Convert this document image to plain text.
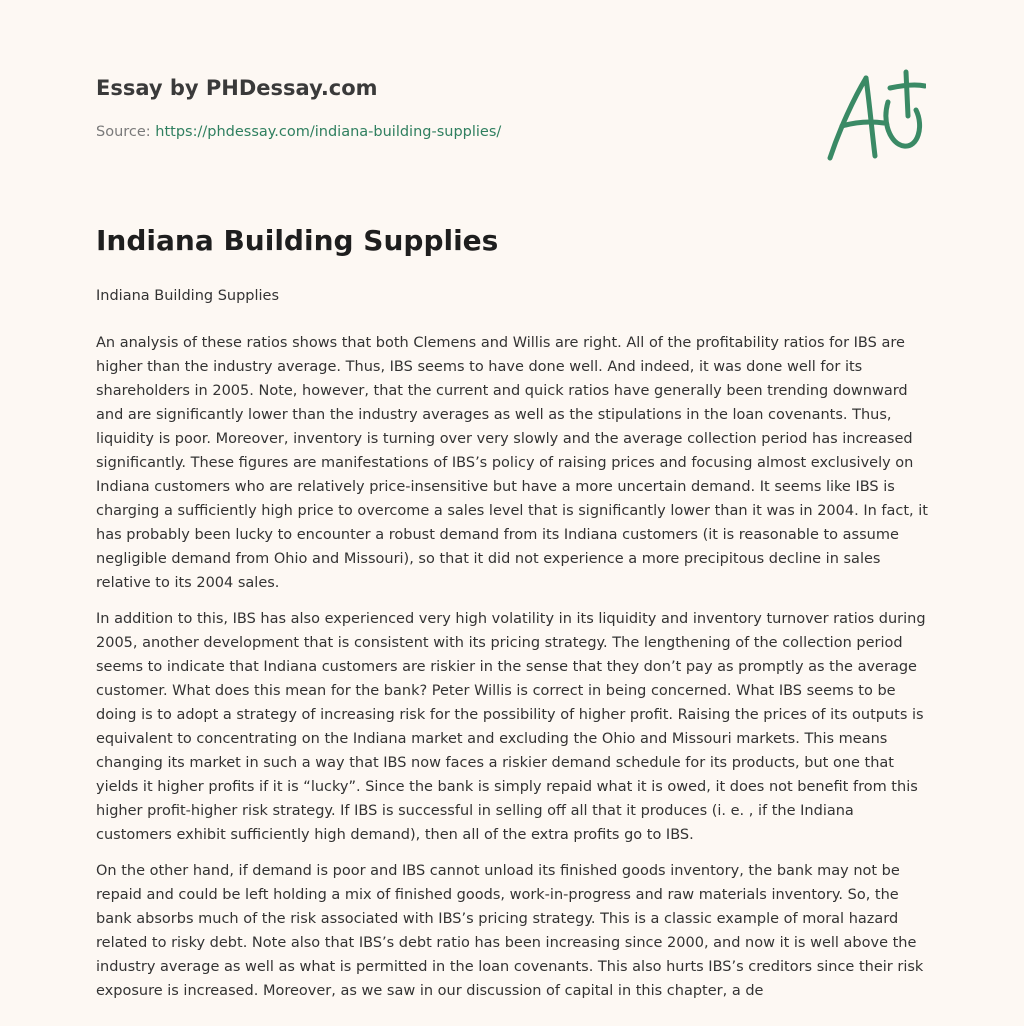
Essay by PHDessay.com
Source: https://phdessay.com/indiana-building-supplies/
Indiana Building Supplies
Indiana Building Supplies

An analysis of these ratios shows that both Clemens and Willis are right. All of the profitability ratios for IBS are higher than the industry average. Thus, IBS seems to have done well. And indeed, it was done well for its shareholders in 2005. Note, however, that the current and quick ratios have generally been trending downward and are significantly lower than the industry averages as well as the stipulations in the loan covenants. Thus, liquidity is poor. Moreover, inventory is turning over very slowly and the average collection period has increased significantly. These figures are manifestations of IBS’s policy of raising prices and focusing almost exclusively on Indiana customers who are relatively price-insensitive but have a more uncertain demand. It seems like IBS is charging a sufficiently high price to overcome a sales level that is significantly lower than it was in 2004. In fact, it has probably been lucky to encounter a robust demand from its Indiana customers (it is reasonable to assume negligible demand from Ohio and Missouri), so that it did not experience a more precipitous decline in sales relative to its 2004 sales.

In addition to this, IBS has also experienced very high volatility in its liquidity and inventory turnover ratios during 2005, another development that is consistent with its pricing strategy. The lengthening of the collection period seems to indicate that Indiana customers are riskier in the sense that they don’t pay as promptly as the average customer. What does this mean for the bank? Peter Willis is correct in being concerned. What IBS seems to be doing is to adopt a strategy of increasing risk for the possibility of higher profit. Raising the prices of its outputs is equivalent to concentrating on the Indiana market and excluding the Ohio and Missouri markets. This means changing its market in such a way that IBS now faces a riskier demand schedule for its products, but one that yields it higher profits if it is “lucky”. Since the bank is simply repaid what it is owed, it does not benefit from this higher profit-higher risk strategy. If IBS is successful in selling off all that it produces (i. e. , if the Indiana customers exhibit sufficiently high demand), then all of the extra profits go to IBS.

On the other hand, if demand is poor and IBS cannot unload its finished goods inventory, the bank may not be repaid and could be left holding a mix of finished goods, work-in-progress and raw materials inventory. So, the bank absorbs much of the risk associated with IBS’s pricing strategy. This is a classic example of moral hazard related to risky debt. Note also that IBS’s debt ratio has been increasing since 2000, and now it is well above the industry average as well as what is permitted in the loan covenants. This also hurts IBS’s creditors since their risk exposure is increased. Moreover, as we saw in our discussion of capital in this chapter, a de
